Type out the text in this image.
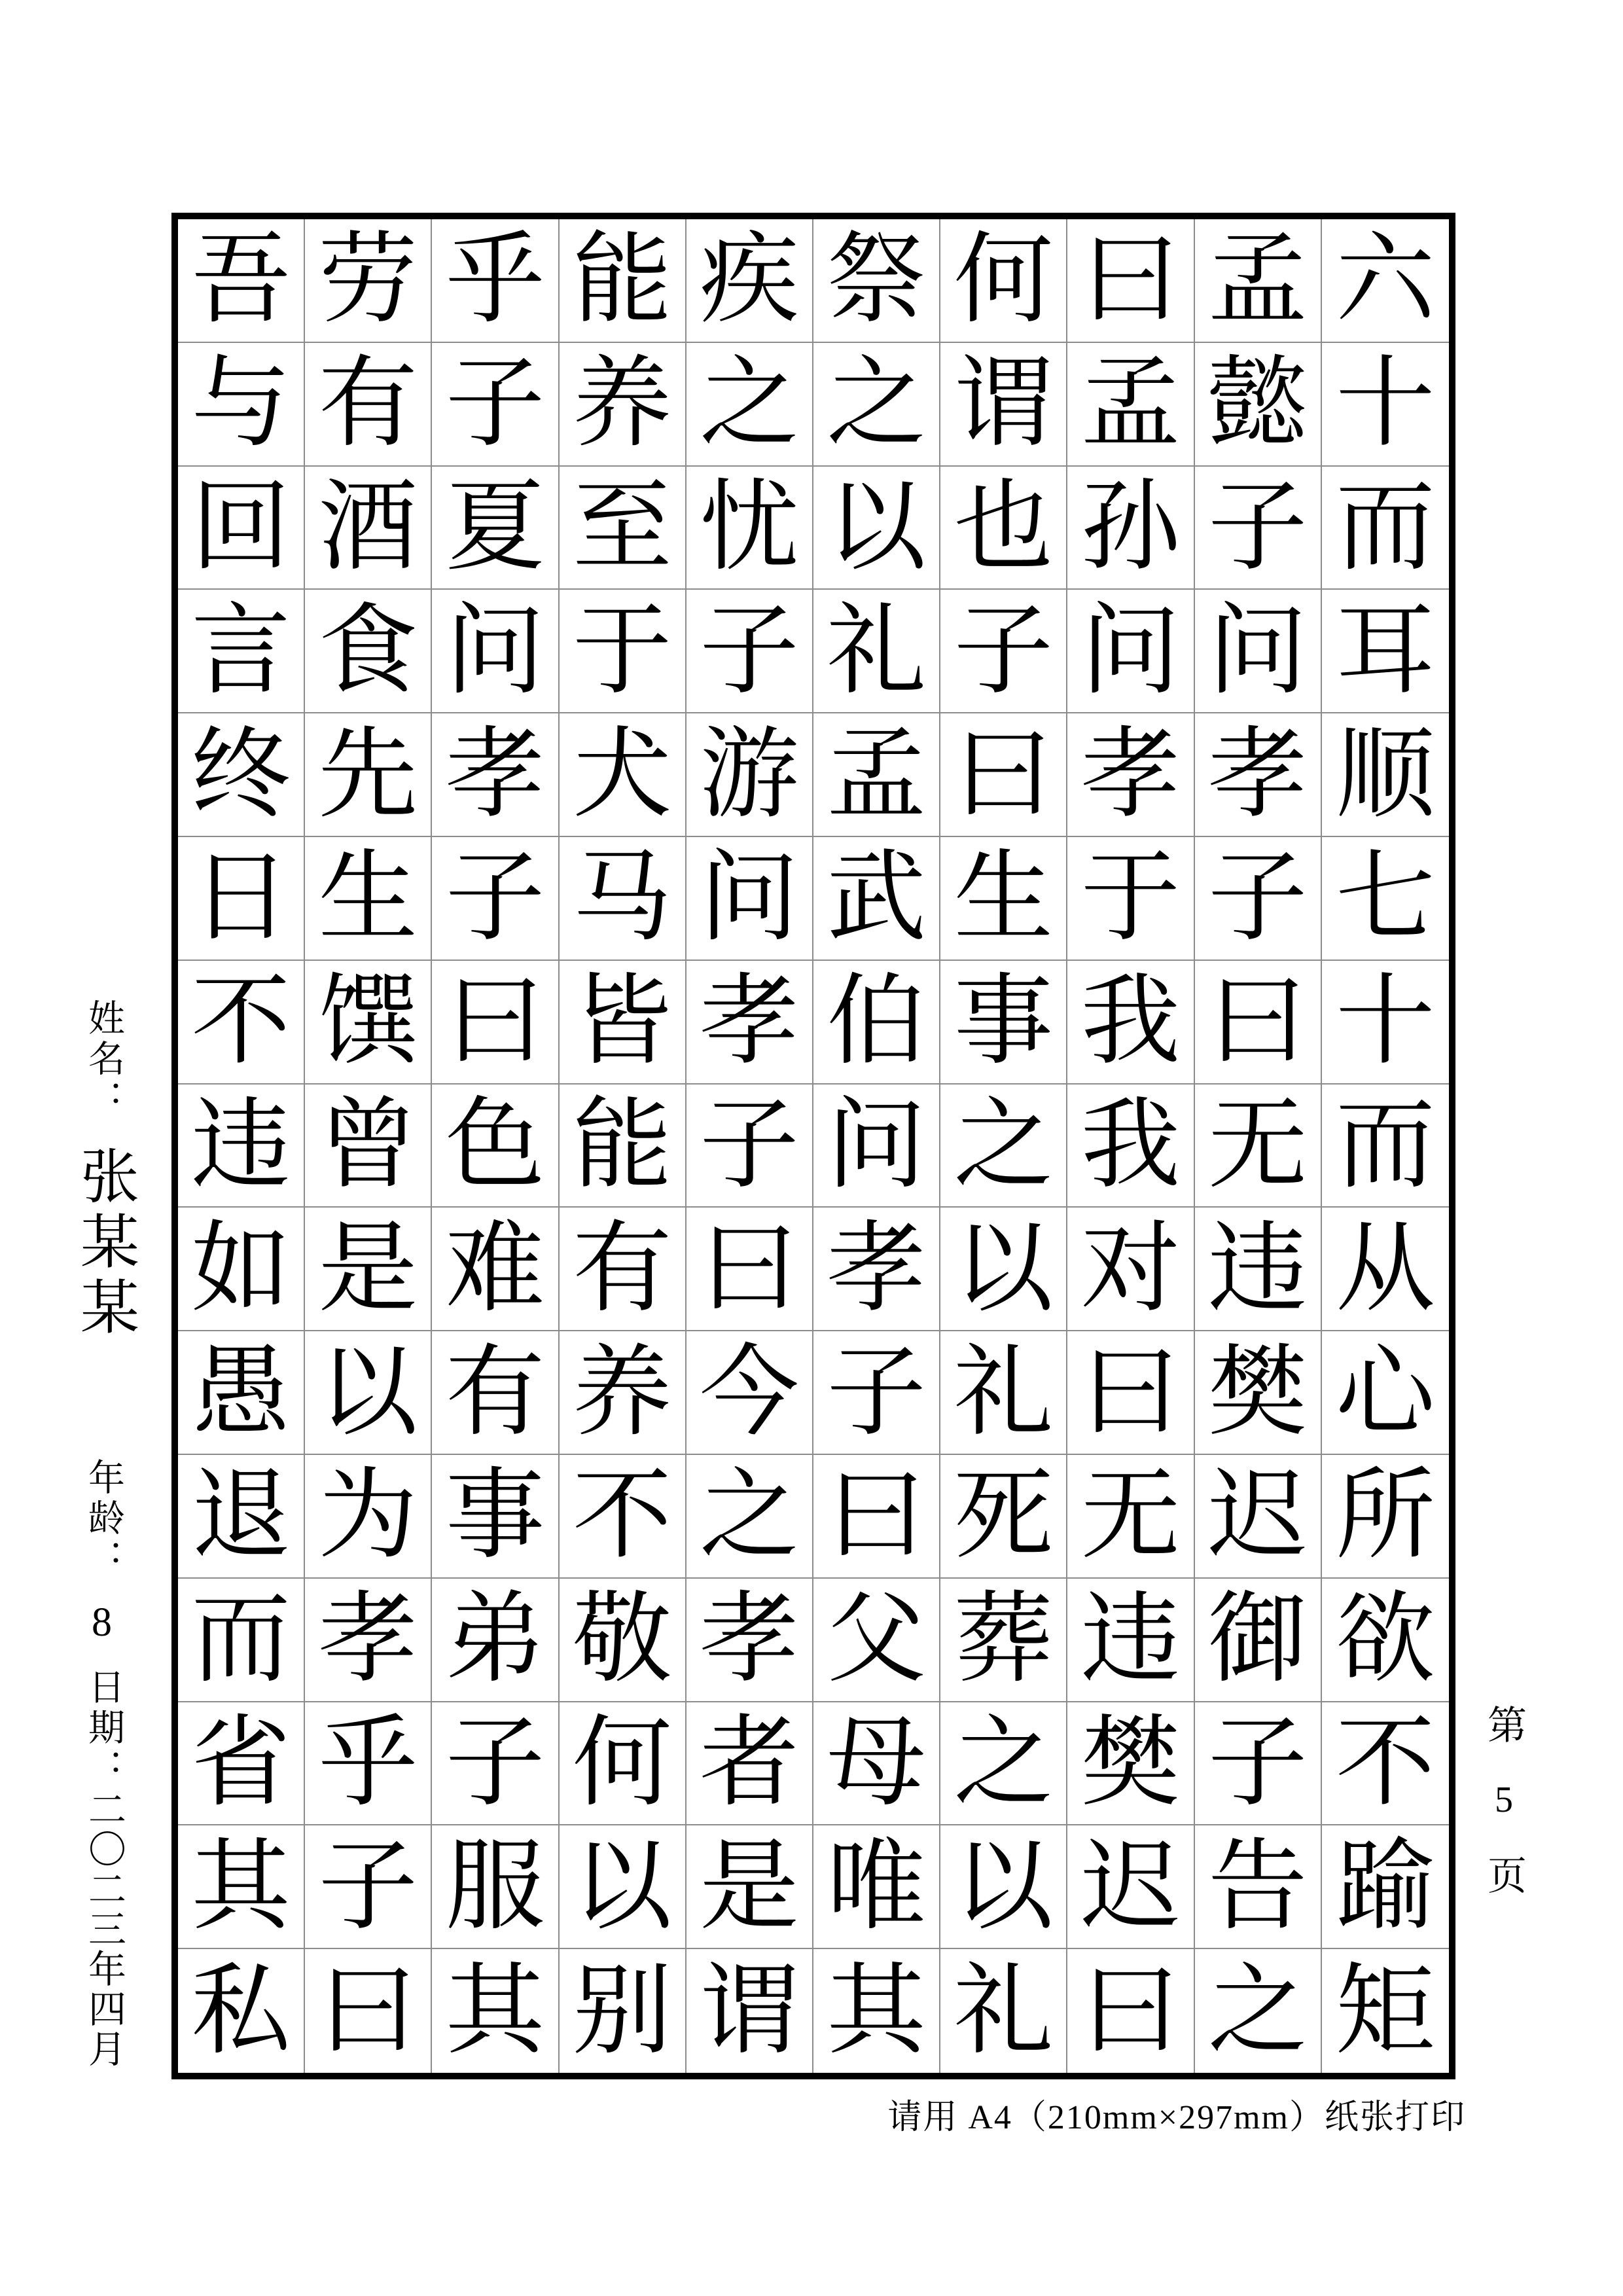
吾 劳 乎 能 疾 祭 何 曰 孟 六
与 有 子 养 之 之 谓 孟 懿 十
回 酒 夏 至 忧 以 也 孙 子 而
言 食 问 于 子 礼 子 问 问 耳
终 先 孝 犬 游 孟 曰 孝 孝 顺
日 生 子 马 问 武 生 于 子 七
不 馔 曰 皆 孝 伯 事 我 曰 十
违 曾 色 能 子 问 之 我 无 而
如 是 难 有 曰 孝 以 对 违 从
愚 以 有 养 今 子 礼 曰 樊 心
退 为 事 不 之 曰 死 无 迟 所
而 孝 弟 敬 孝 父 葬 违 御 欲
省 乎 子 何 者 母 之 樊 子 不
其 子 服 以 是 唯 以 迟 告 踰
私 曰 其 别 谓 其 礼 曰 之 矩
姓名：
张某某
年龄：
8
日期：
二〇二三年四月
第
5
页
请用 A4（210mm×297mm）纸张打印
